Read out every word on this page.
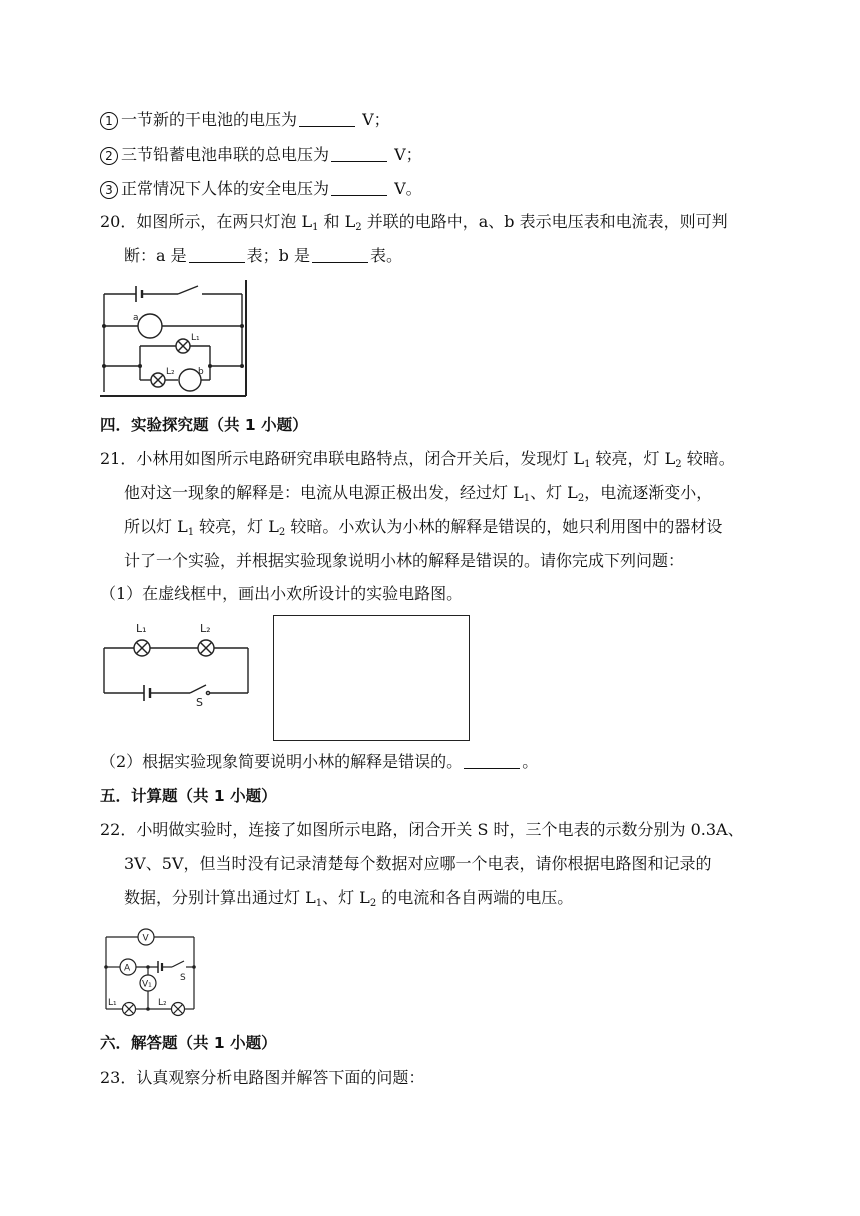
1 一节新的干电池的电压为	V；
2 三节铅蓄电池串联的总电压为	V；
3 正常情况下人体的安全电压为	V。
20．如图所示，在两只灯泡 $L_1$ 和 $L_2$ 并联的电路中，a、b 表示电压表和电流表，则可判
断：a 是	表；b 是	表。
a
L₁
L₂	b
四．实验探究题（共 1 小题）
21．小林用如图所示电路研究串联电路特点，闭合开关后，发现灯 $L_1$ 较亮，灯 $L_2$ 较暗。
他对这一现象的解释是：电流从电源正极出发，经过灯 $L_1$、灯 $L_2$，电流逐渐变小，
所以灯 $L_1$ 较亮，灯 $L_2$ 较暗。小欢认为小林的解释是错误的，她只利用图中的器材设
计了一个实验，并根据实验现象说明小林的解释是错误的。请你完成下列问题：
（1）在虚线框中，画出小欢所设计的实验电路图。
L₁	L₂
S
（2）根据实验现象简要说明小林的解释是错误的。	。
五．计算题（共 1 小题）
22．小明做实验时，连接了如图所示电路，闭合开关 S 时，三个电表的示数分别为 0.3A、
3V、5V，但当时没有记录清楚每个数据对应哪一个电表，请你根据电路图和记录的
数据，分别计算出通过灯 $L_1$、灯 $L_2$ 的电流和各自两端的电压。
V
A
V₁
S
L₁	L₂
六．解答题（共 1 小题）
23．认真观察分析电路图并解答下面的问题：
